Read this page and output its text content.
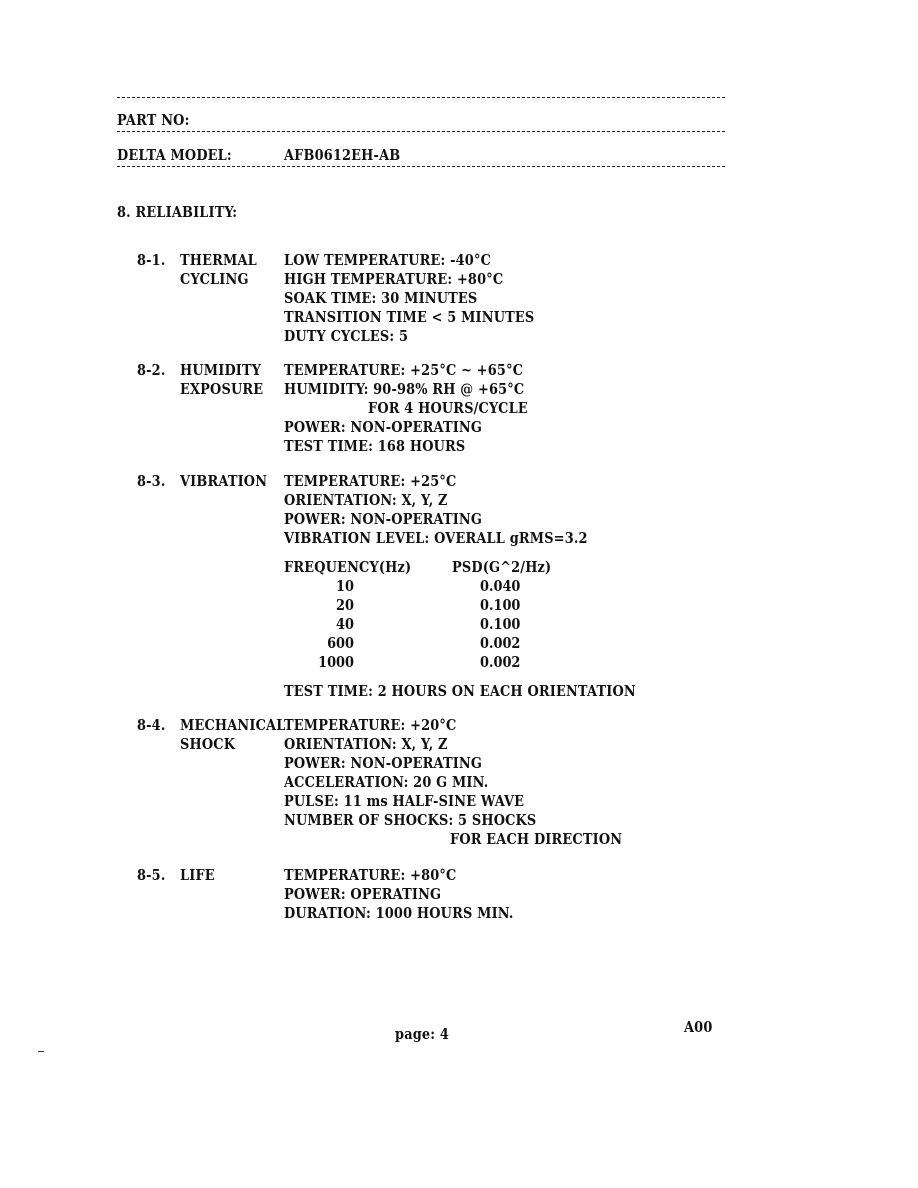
PART NO:
DELTA MODEL:	AFB0612EH-AB
8. RELIABILITY:
8-1. THERMAL
CYCLING
LOW TEMPERATURE: -40°C
HIGH TEMPERATURE: +80°C
SOAK TIME: 30 MINUTES
TRANSITION TIME < 5 MINUTES
DUTY CYCLES: 5
8-2. HUMIDITY
EXPOSURE
TEMPERATURE: +25°C ~ +65°C
HUMIDITY: 90-98% RH @ +65°C
FOR 4 HOURS/CYCLE
POWER: NON-OPERATING
TEST TIME: 168 HOURS
8-3. VIBRATION TEMPERATURE: +25°C
ORIENTATION: X, Y, Z
POWER: NON-OPERATING
VIBRATION LEVEL: OVERALL gRMS=3.2
FREQUENCY(Hz)	PSD(G^2/Hz)
10	0.040
20	0.100
40	0.100
600	0.002
1000	0.002
TEST TIME: 2 HOURS ON EACH ORIENTATION
8-4. MECHANICAL
SHOCK
TEMPERATURE: +20°C
ORIENTATION: X, Y, Z
POWER: NON-OPERATING
ACCELERATION: 20 G MIN.
PULSE: 11 ms HALF-SINE WAVE
NUMBER OF SHOCKS: 5 SHOCKS
FOR EACH DIRECTION
8-5. LIFE	TEMPERATURE: +80°C
POWER: OPERATING
DURATION: 1000 HOURS MIN.
page: 4	A00
